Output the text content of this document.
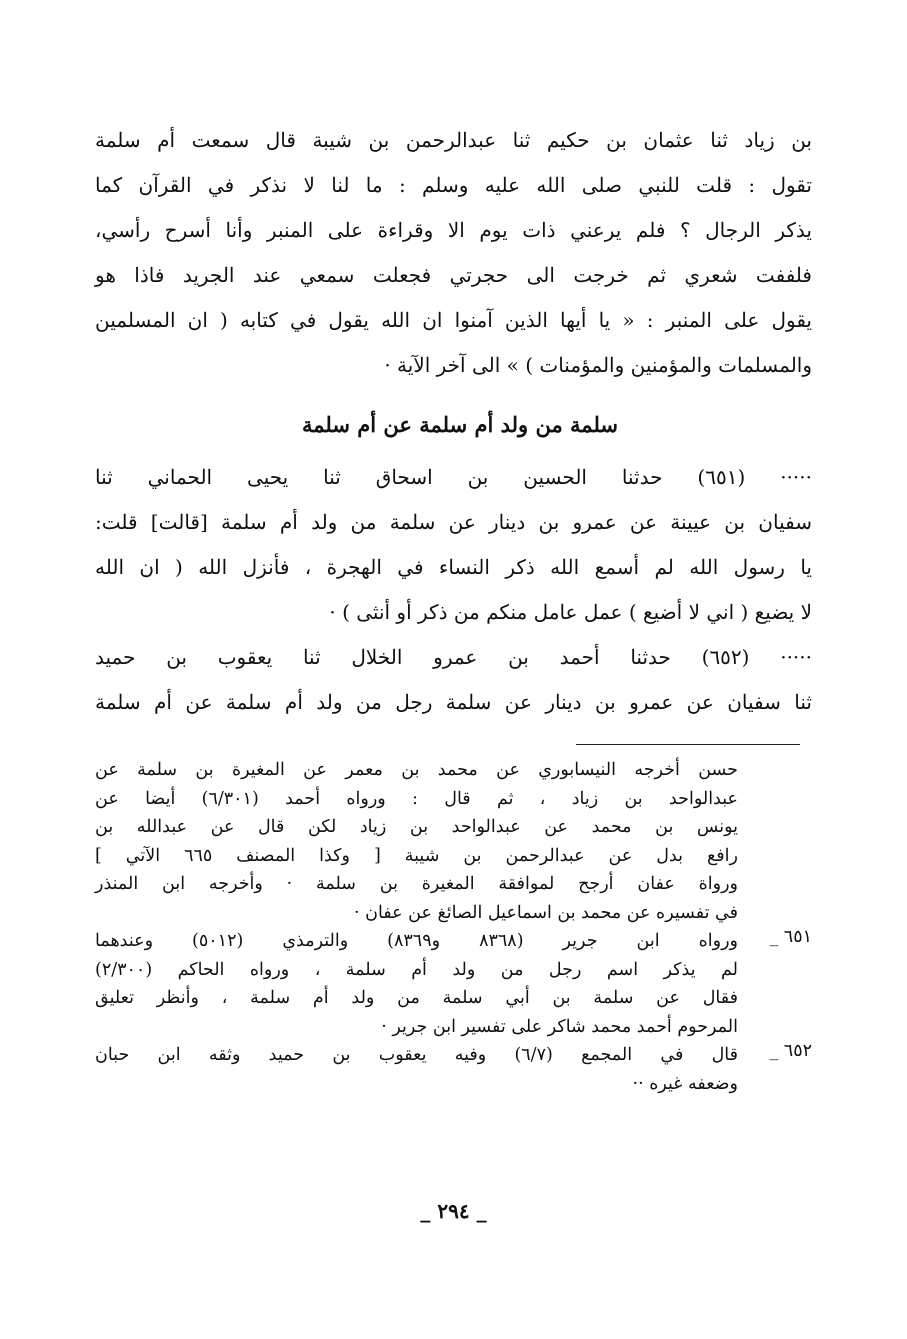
بن زياد ثنا عثمان بن حكيم ثنا عبدالرحمن بن شيبة قال سمعت أم سلمة
تقول : قلت للنبي صلى الله عليه وسلم : ما لنا لا نذكر في القرآن كما
يذكر الرجال ؟ فلم يرعني ذات يوم الا وقراءة على المنبر وأنا أسرح رأسي،
فلففت شعري ثم خرجت الى حجرتي فجعلت سمعي عند الجريد فاذا هو
يقول على المنبر : « يا أيها الذين آمنوا ان الله يقول في كتابه ( ان المسلمين
والمسلمات والمؤمنين والمؤمنات ) » الى آخر الآية ·
سلمة من ولد أم سلمة عن أم سلمة
····· (٦٥١) حدثنا الحسين بن اسحاق ثنا يحيى الحماني ثنا
سفيان بن عيينة عن عمرو بن دينار عن سلمة من ولد أم سلمة [قالت] قلت:
يا رسول الله لم أسمع الله ذكر النساء في الهجرة ، فأنزل الله ( ان الله
لا يضيع ( اني لا أضيع ) عمل عامل منكم من ذكر أو أنثى ) ·
····· (٦٥٢) حدثنا أحمد بن عمرو الخلال ثنا يعقوب بن حميد
ثنا سفيان عن عمرو بن دينار عن سلمة رجل من ولد أم سلمة عن أم سلمة
حسن أخرجه النيسابوري عن محمد بن معمر عن المغيرة بن سلمة عن
عبدالواحد بن زياد ، ثم قال : ورواه أحمد (٦/٣٠١) أيضا عن
يونس بن محمد عن عبدالواحد بن زياد لكن قال عن عبدالله بن
رافع بدل عن عبدالرحمن بن شيبة [ وكذا المصنف ٦٦٥ الآتي ]
ورواة عفان أرجح لموافقة المغيرة بن سلمة · وأخرجه ابن المنذر
في تفسيره عن محمد بن اسماعيل الصائغ عن عفان ·
٦٥١ _
ورواه ابن جرير (٨٣٦٨ و٨٣٦٩) والترمذي (٥٠١٢) وعندهما
لم يذكر اسم رجل من ولد أم سلمة ، ورواه الحاكم (٢/٣٠٠)
فقال عن سلمة بن أبي سلمة من ولد أم سلمة ، وأنظر تعليق
المرحوم أحمد محمد شاكر على تفسير ابن جرير ·
٦٥٢ _
قال في المجمع (٦/٧) وفيه يعقوب بن حميد وثقه ابن حبان
وضعفه غيره ··
_ ٢٩٤ _
